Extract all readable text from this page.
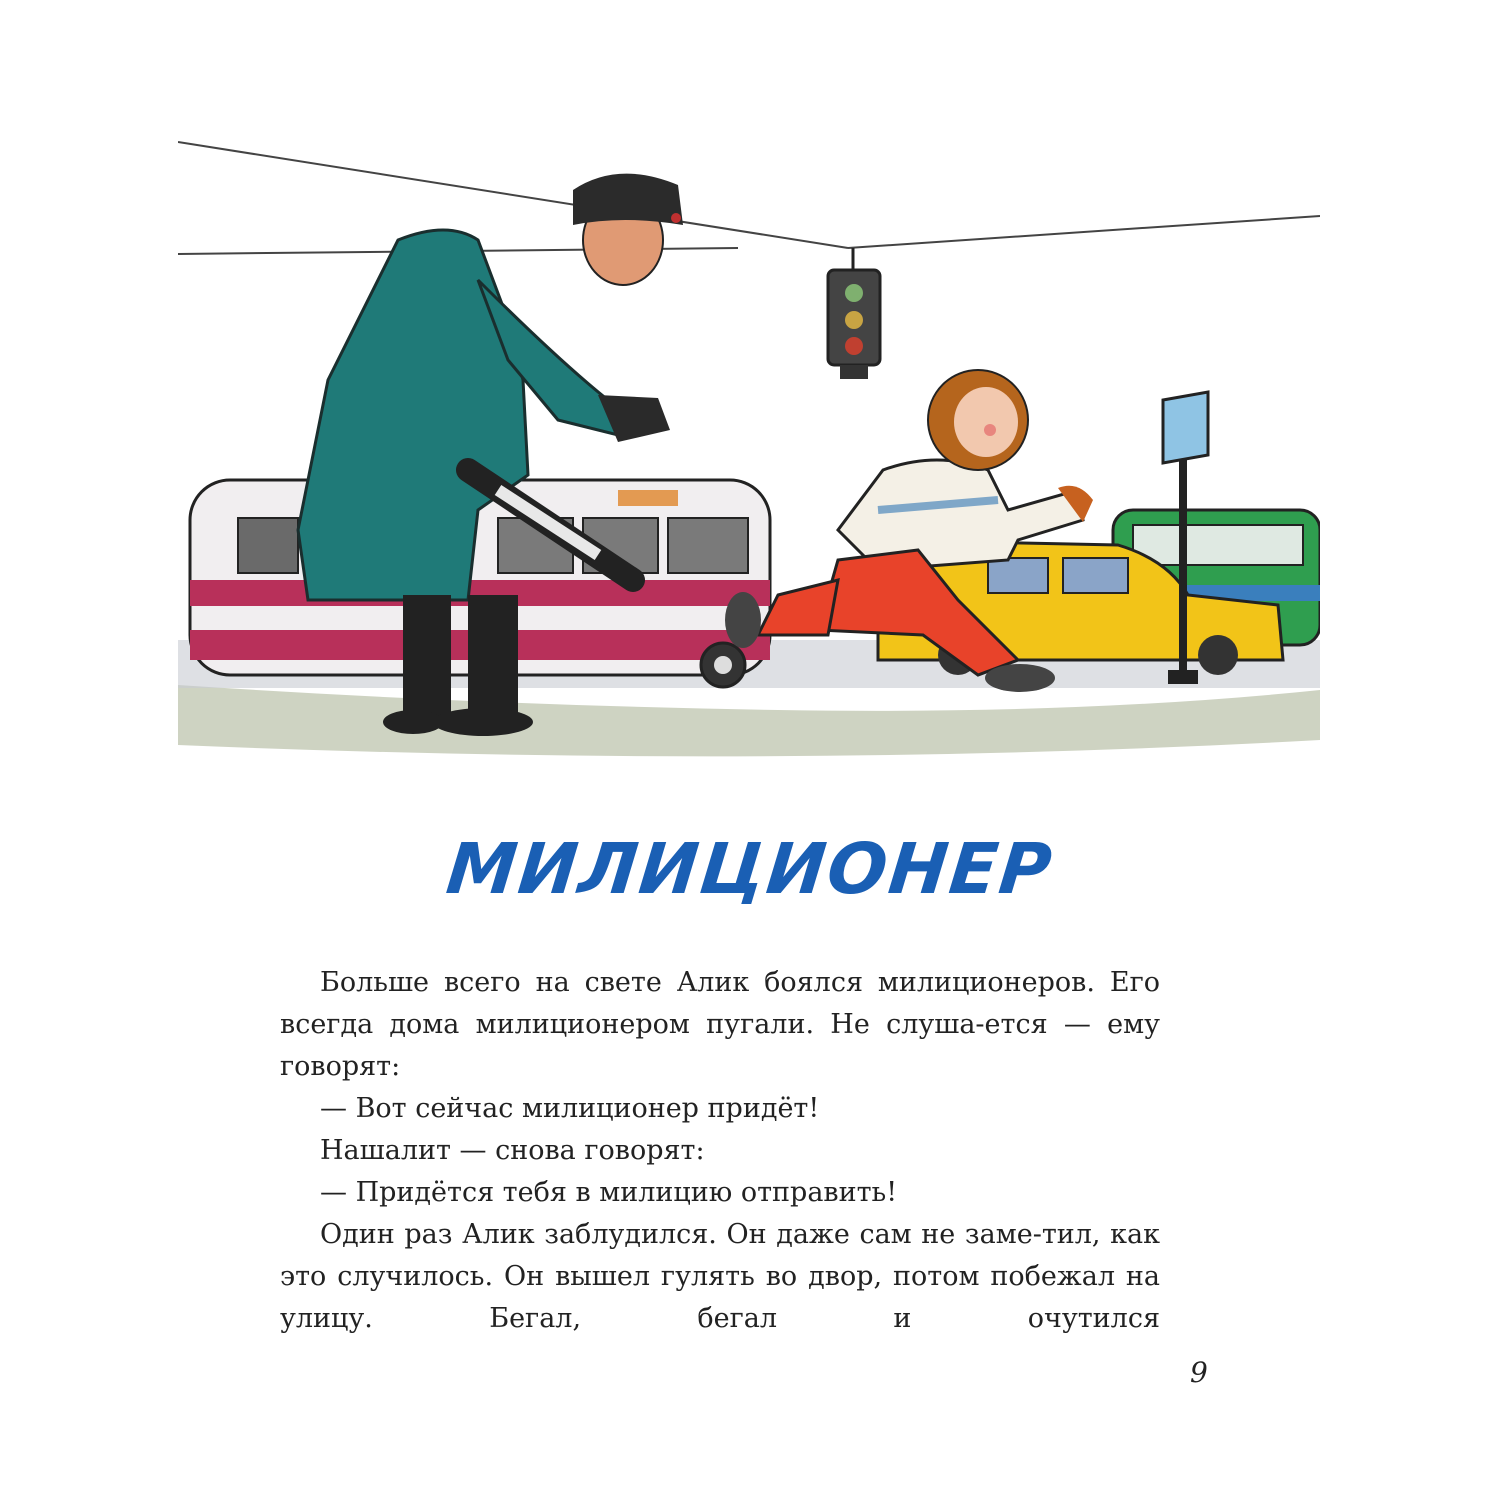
МИЛИЦИОНЕР

Больше всего на свете Алик боялся милиционеров. Его всегда дома милиционером пугали. Не слуша-ется — ему говорят:

— Вот сейчас милиционер придёт!

Нашалит — снова говорят:

— Придётся тебя в милицию отправить!

Один раз Алик заблудился. Он даже сам не заме-тил, как это случилось. Он вышел гулять во двор, потом побежал на улицу. Бегал, бегал и очутился

9
